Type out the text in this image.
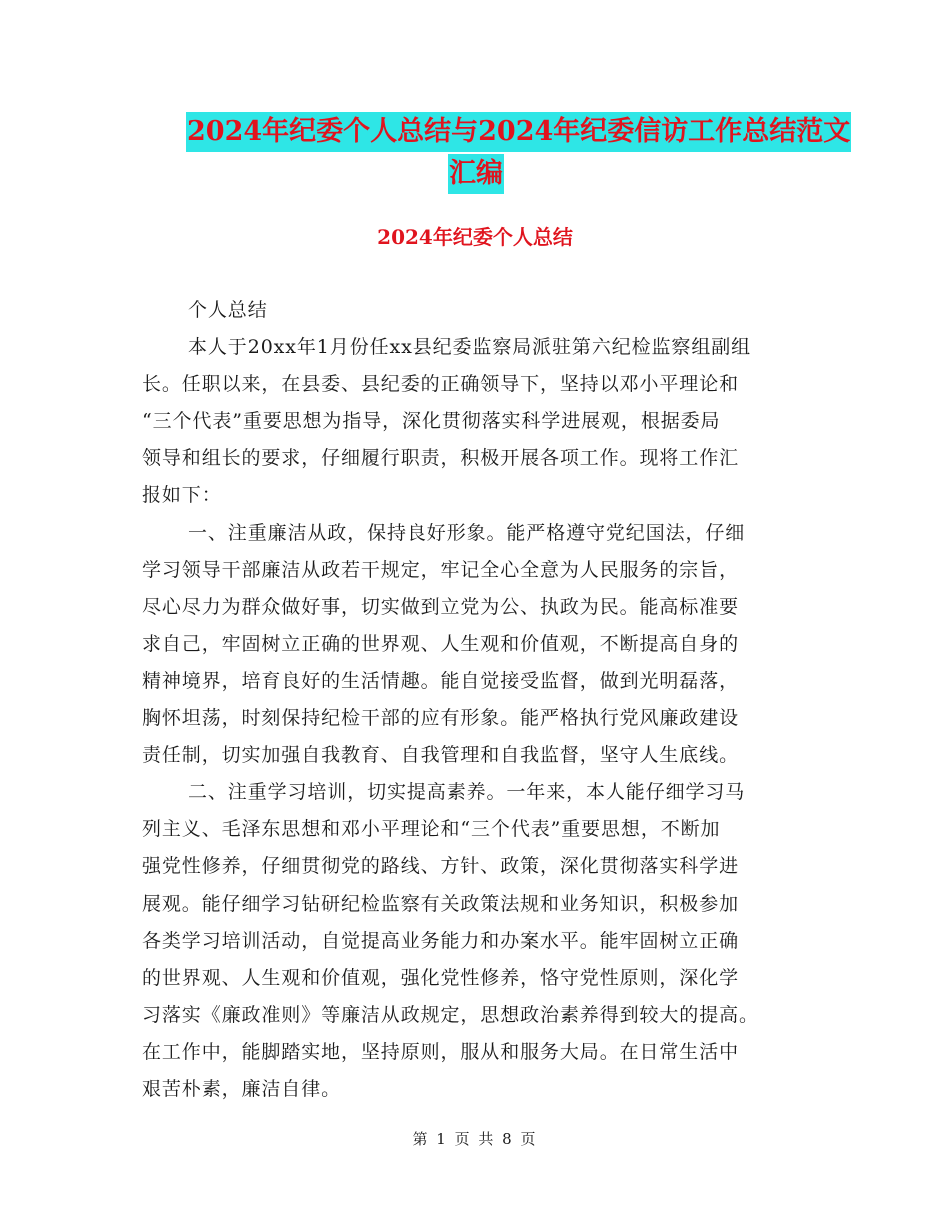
2024年纪委个人总结与2024年纪委信访工作总结范文
汇编
2024年纪委个人总结
个人总结
本人于20xx年1月份任xx县纪委监察局派驻第六纪检监察组副组
长。任职以来，在县委、县纪委的正确领导下，坚持以邓小平理论和
“三个代表”重要思想为指导，深化贯彻落实科学进展观，根据委局
领导和组长的要求，仔细履行职责，积极开展各项工作。现将工作汇
报如下：
一、注重廉洁从政，保持良好形象。能严格遵守党纪国法，仔细
学习领导干部廉洁从政若干规定，牢记全心全意为人民服务的宗旨，
尽心尽力为群众做好事，切实做到立党为公、执政为民。能高标准要
求自己，牢固树立正确的世界观、人生观和价值观，不断提高自身的
精神境界，培育良好的生活情趣。能自觉接受监督，做到光明磊落，
胸怀坦荡，时刻保持纪检干部的应有形象。能严格执行党风廉政建设
责任制，切实加强自我教育、自我管理和自我监督，坚守人生底线。
二、注重学习培训，切实提高素养。一年来，本人能仔细学习马
列主义、毛泽东思想和邓小平理论和“三个代表”重要思想，不断加
强党性修养，仔细贯彻党的路线、方针、政策，深化贯彻落实科学进
展观。能仔细学习钻研纪检监察有关政策法规和业务知识，积极参加
各类学习培训活动，自觉提高业务能力和办案水平。能牢固树立正确
的世界观、人生观和价值观，强化党性修养，恪守党性原则，深化学
习落实《廉政准则》等廉洁从政规定，思想政治素养得到较大的提高。
在工作中，能脚踏实地，坚持原则，服从和服务大局。在日常生活中
艰苦朴素，廉洁自律。
第 1 页 共 8 页
